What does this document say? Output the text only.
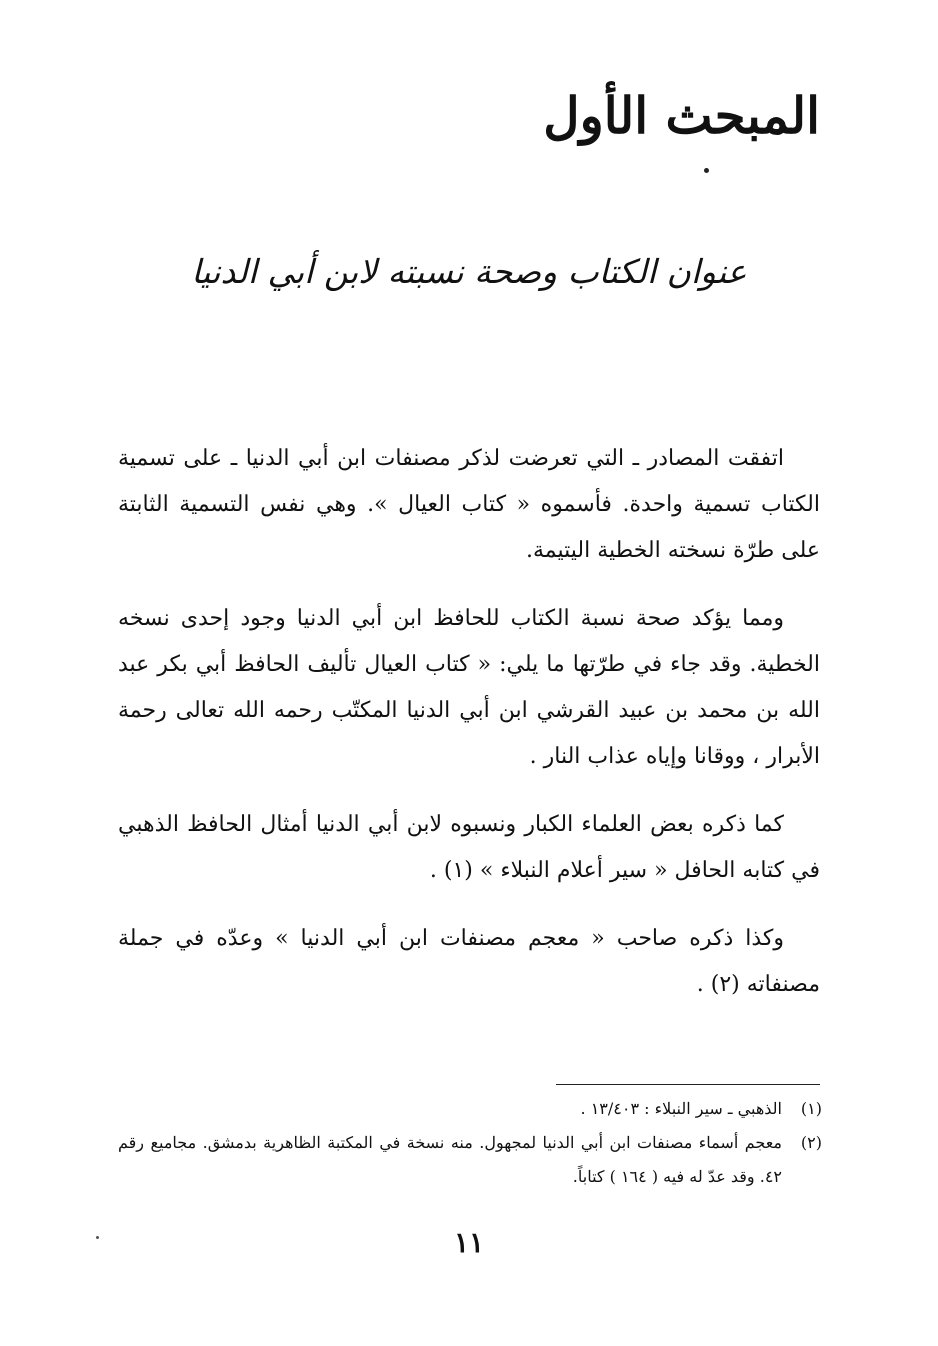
المبحث الأول
عنوان الكتاب وصحة نسبته لابن أبي الدنيا

اتفقت المصادر ـ التي تعرضت لذكر مصنفات ابن أبي الدنيا ـ على تسمية الكتاب تسمية واحدة. فأسموه « كتاب العيال ». وهي نفس التسمية الثابتة على طرّة نسخته الخطية اليتيمة.

ومما يؤكد صحة نسبة الكتاب للحافظ ابن أبي الدنيا وجود إحدى نسخه الخطية. وقد جاء في طرّتها ما يلي: « كتاب العيال تأليف الحافظ أبي بكر عبد الله بن محمد بن عبيد القرشي ابن أبي الدنيا المكتّب رحمه الله تعالى رحمة الأبرار ، ووقانا وإياه عذاب النار .

كما ذكره بعض العلماء الكبار ونسبوه لابن أبي الدنيا أمثال الحافظ الذهبي في كتابه الحافل « سير أعلام النبلاء » (١) .

وكذا ذكره صاحب « معجم مصنفات ابن أبي الدنيا » وعدّه في جملة مصنفاته (٢) .

(١)
الذهبي ـ سير النبلاء : ١٣/٤٠٣ .
(٢)
معجم أسماء مصنفات ابن أبي الدنيا لمجهول. منه نسخة في المكتبة الظاهرية بدمشق. مجاميع رقم ٤٢. وقد عدّ له فيه ( ١٦٤ ) كتاباً.
١١
